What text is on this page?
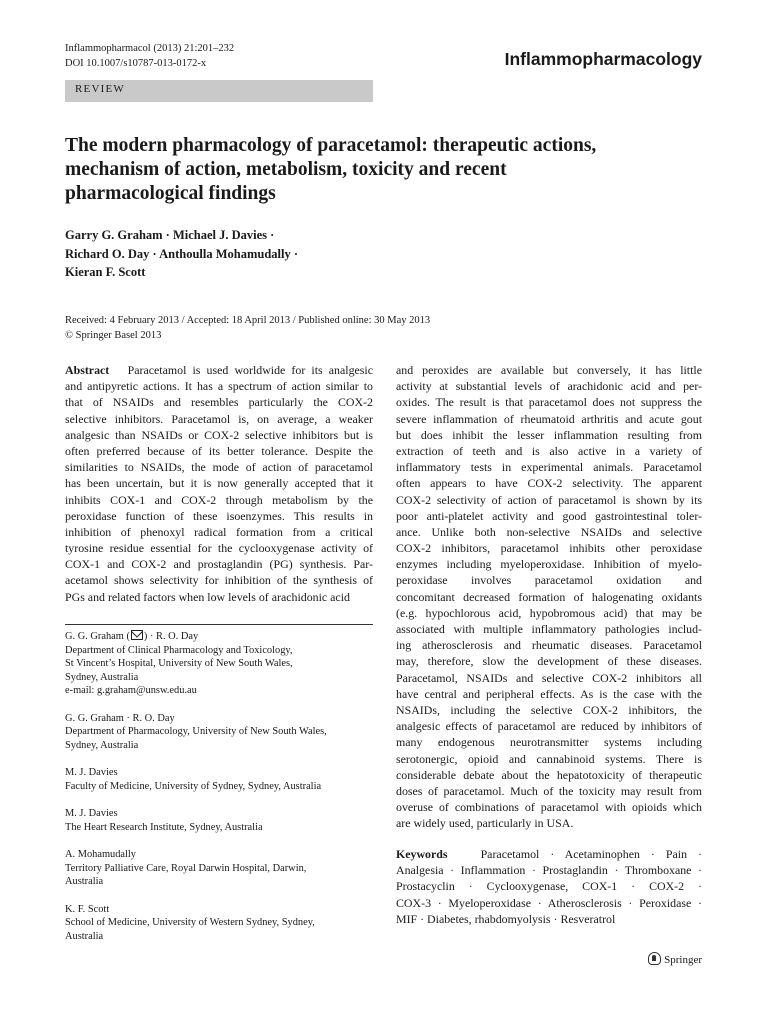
Inflammopharmacol (2013) 21:201–232
DOI 10.1007/s10787-013-0172-x	Inflammopharmacology
REVIEW
The modern pharmacology of paracetamol: therapeutic actions,
mechanism of action, metabolism, toxicity and recent
pharmacological findings
Garry G. Graham · Michael J. Davies ·
Richard O. Day · Anthoulla Mohamudally ·
Kieran F. Scott
Received: 4 February 2013 / Accepted: 18 April 2013 / Published online: 30 May 2013
© Springer Basel 2013
Abstract Paracetamol is used worldwide for its analgesic
and antipyretic actions. It has a spectrum of action similar to
that of NSAIDs and resembles particularly the COX-2
selective inhibitors. Paracetamol is, on average, a weaker
analgesic than NSAIDs or COX-2 selective inhibitors but is
often preferred because of its better tolerance. Despite the
similarities to NSAIDs, the mode of action of paracetamol
has been uncertain, but it is now generally accepted that it
inhibits COX-1 and COX-2 through metabolism by the
peroxidase function of these isoenzymes. This results in
inhibition of phenoxyl radical formation from a critical
tyrosine residue essential for the cyclooxygenase activity of
COX-1 and COX-2 and prostaglandin (PG) synthesis. Par-
acetamol shows selectivity for inhibition of the synthesis of
PGs and related factors when low levels of arachidonic acid
and peroxides are available but conversely, it has little
activity at substantial levels of arachidonic acid and per-
oxides. The result is that paracetamol does not suppress the
severe inflammation of rheumatoid arthritis and acute gout
but does inhibit the lesser inflammation resulting from
extraction of teeth and is also active in a variety of
inflammatory tests in experimental animals. Paracetamol
often appears to have COX-2 selectivity. The apparent
COX-2 selectivity of action of paracetamol is shown by its
poor anti-platelet activity and good gastrointestinal toler-
ance. Unlike both non-selective NSAIDs and selective
COX-2 inhibitors, paracetamol inhibits other peroxidase
enzymes including myeloperoxidase. Inhibition of myelo-
peroxidase involves paracetamol oxidation and
concomitant decreased formation of halogenating oxidants
(e.g. hypochlorous acid, hypobromous acid) that may be
associated with multiple inflammatory pathologies includ-
ing atherosclerosis and rheumatic diseases. Paracetamol
may, therefore, slow the development of these diseases.
Paracetamol, NSAIDs and selective COX-2 inhibitors all
have central and peripheral effects. As is the case with the
NSAIDs, including the selective COX-2 inhibitors, the
analgesic effects of paracetamol are reduced by inhibitors of
many endogenous neurotransmitter systems including
serotonergic, opioid and cannabinoid systems. There is
considerable debate about the hepatotoxicity of therapeutic
doses of paracetamol. Much of the toxicity may result from
overuse of combinations of paracetamol with opioids which
are widely used, particularly in USA.
G. G. Graham ( ) · R. O. Day
Department of Clinical Pharmacology and Toxicology,
St Vincent’s Hospital, University of New South Wales,
Sydney, Australia
e-mail: g.graham@unsw.edu.au
G. G. Graham · R. O. Day
Department of Pharmacology, University of New South Wales,
Sydney, Australia
M. J. Davies
Faculty of Medicine, University of Sydney, Sydney, Australia
M. J. Davies
The Heart Research Institute, Sydney, Australia
A. Mohamudally
Territory Palliative Care, Royal Darwin Hospital, Darwin,
Australia
K. F. Scott
School of Medicine, University of Western Sydney, Sydney,
Australia
Keywords	Paracetamol · Acetaminophen · Pain ·
Analgesia · Inflammation · Prostaglandin · Thromboxane ·
Prostacyclin · Cyclooxygenase, COX-1 · COX-2 ·
COX-3 · Myeloperoxidase · Atherosclerosis · Peroxidase ·
MIF · Diabetes, rhabdomyolysis · Resveratrol
Springer
